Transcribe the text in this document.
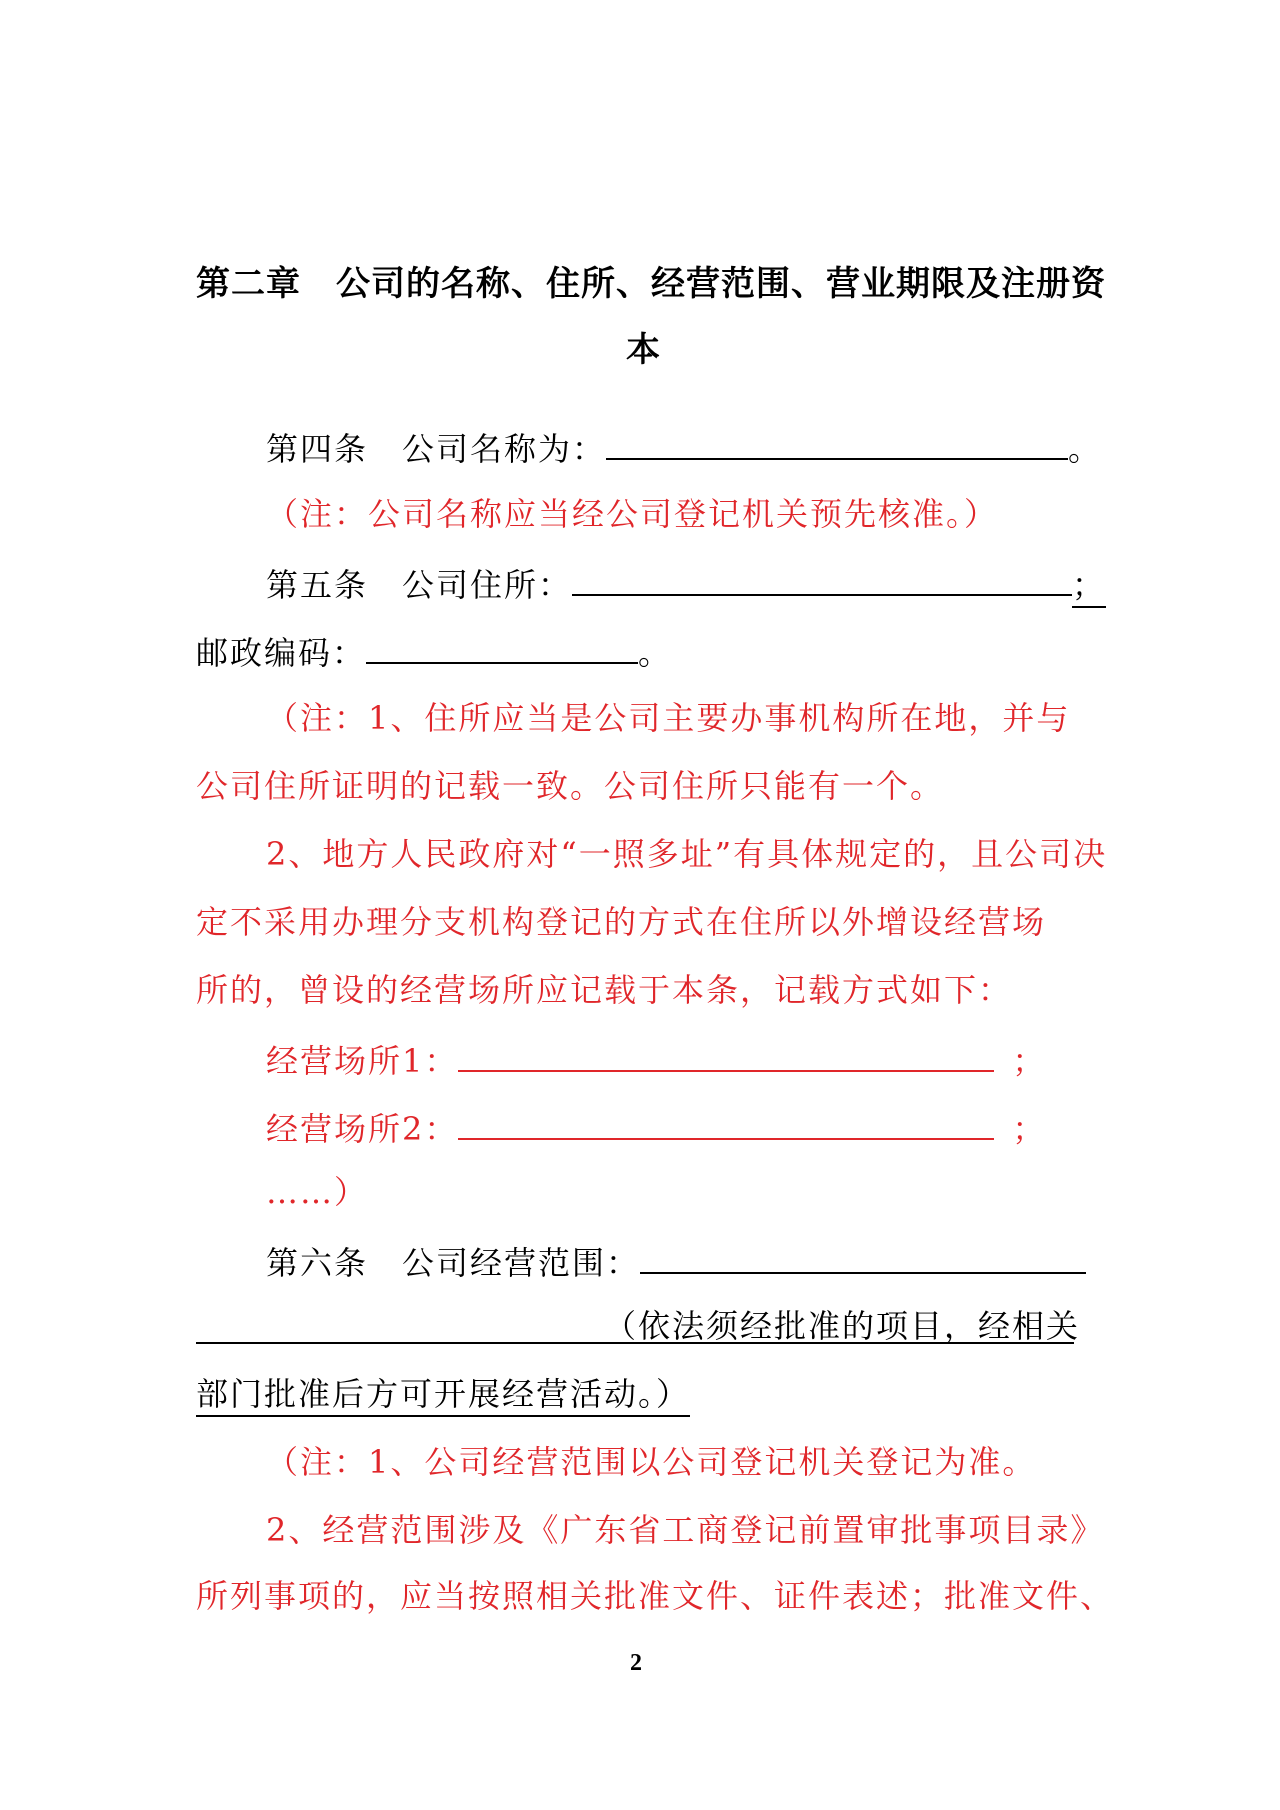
第二章　公司的名称、住所、经营范围、营业期限及注册资
本
第四条　公司名称为：	。
（注：公司名称应当经公司登记机关预先核准。）
第五条　公司住所：	；
邮政编码：	。
（注：1、住所应当是公司主要办事机构所在地，并与
公司住所证明的记载一致。公司住所只能有一个。
2、地方人民政府对“一照多址”有具体规定的，且公司决
定不采用办理分支机构登记的方式在住所以外增设经营场
所的，曾设的经营场所应记载于本条，记载方式如下：
经营场所1：	；
经营场所2：	；
……）
第六条　公司经营范围：
（依法须经批准的项目，经相关
部门批准后方可开展经营活动。）
（注：1、公司经营范围以公司登记机关登记为准。
2、经营范围涉及《广东省工商登记前置审批事项目录》
所列事项的，应当按照相关批准文件、证件表述；批准文件、
2
